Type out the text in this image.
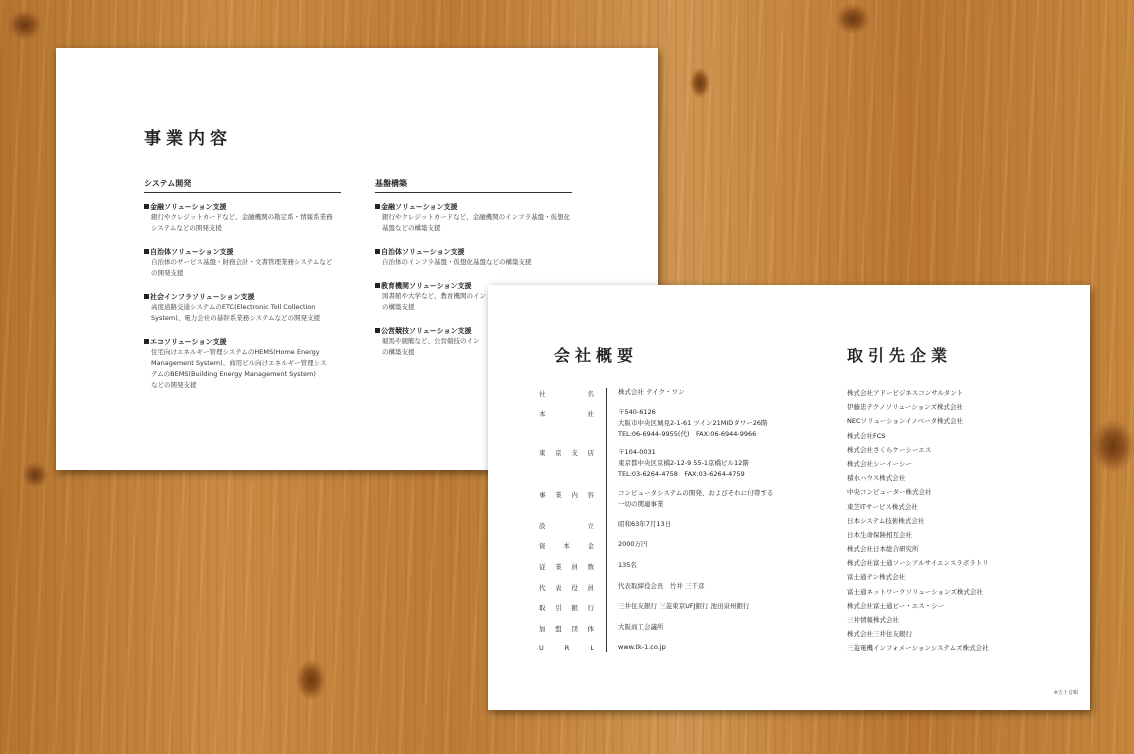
事業内容
システム開発
金融ソリューション支援
銀行やクレジットカードなど、金融機関の勘定系・情報系業務
システムなどの開発支援
自治体ソリューション支援
自治体のサービス基盤・財務会計・文書管理業務システムなど
の開発支援
社会インフラソリューション支援
高度道路交通システムのETC(Electronic Toll Collection
System)、電力会社の基幹系業務システムなどの開発支援
エコソリューション支援
住宅向けエネルギー管理システムのHEMS(Home Energy
Management System)、商用ビル向けエネルギー管理シス
テムのBEMS(Building Energy Management System)
などの開発支援
基盤構築
金融ソリューション支援
銀行やクレジットカードなど、金融機関のインフラ基盤・仮想化
基盤などの構築支援
自治体ソリューション支援
自治体のインフラ基盤・仮想化基盤などの構築支援
教育機関ソリューション支援
図書館や大学など、教育機関のイン
の構築支援
公営競技ソリューション支援
競馬や競艇など、公営競技のイン
の構築支援	会社概要	取引先企業
社	名	株式会社 テイク・ワン
本	社	〒540-6126
大阪市中央区城見2-1-61 ツイン21MIDタワー26階
TEL:06-6944-9955(代)　FAX:06-6944-9966
東 京 支 店	〒104-0031
東京都中央区京橋2-12-9 55-1京橋ビル12階
TEL:03-6264-4758　FAX:03-6264-4759
事 業 内 容	コンピュータシステムの開発、およびそれに付帯する
一切の関連事業
設	立	昭和63年7月13日
資	本	金	2000万円
従 業 員 数	135名
代 表 役 員	代表取締役会長　竹井 三千彦
取 引 銀 行	三井住友銀行 三菱東京UFJ銀行 池田泉州銀行
加 盟 団 体	大阪商工会議所
U	R	L	www.tk-1.co.jp
株式会社アドービジネスコンサルタント
伊藤忠テクノソリューションズ株式会社
NECソリューションイノベータ株式会社
株式会社FCS
株式会社さくらケーシーエス
株式会社シーイーシー
積水ハウス株式会社
中央コンピューター株式会社
東芝ITサービス株式会社
日本システム技術株式会社
日本生命保険相互会社
株式会社日本総合研究所
株式会社富士通ソーシアルサイエンスラボラトリ
富士通テン株式会社
富士通ネットワークソリューションズ株式会社
株式会社富士通ビー・エス・シー
三井情報株式会社
株式会社三井住友銀行
三菱電機インフォメーションシステムズ株式会社
※五十音順
